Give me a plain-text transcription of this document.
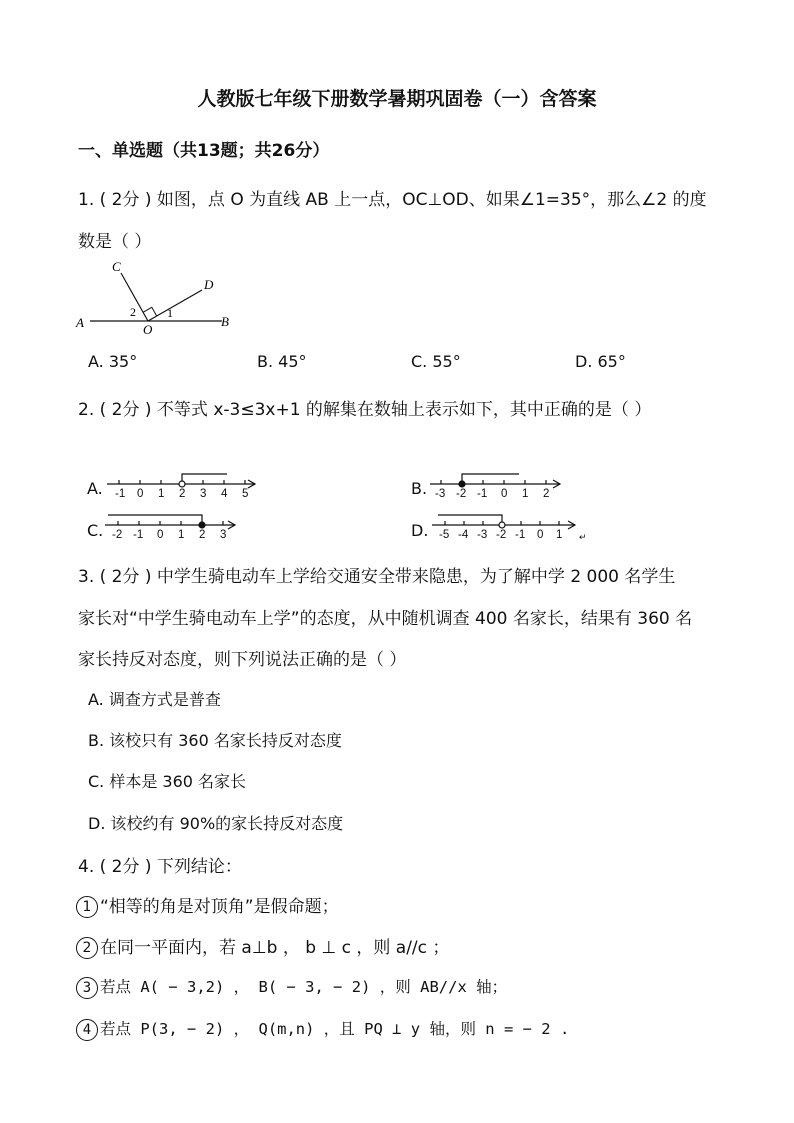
人教版七年级下册数学暑期巩固卷（一）含答案
一、单选题（共13题；共26分）
1. ( 2分 ) 如图，点 O 为直线 AB 上一点，OC⊥OD、如果∠1=35°，那么∠2 的度
数是（ ）
C
D
A	B
O
2	1
A. 35°	B. 45°	C. 55°	D. 65°
2. ( 2分 ) 不等式 x-3≤3x+1 的解集在数轴上表示如下，其中正确的是（ ）
A. -1 0 1 2 3 4 5	B. -3 -2 -1 0 1 2
C. -2 -1 0 1 2 3	D. -5 -4 -3 -2 -1 0 1 ↵
3. ( 2分 ) 中学生骑电动车上学给交通安全带来隐患，为了解中学 2 000 名学生
家长对“中学生骑电动车上学”的态度，从中随机调查 400 名家长，结果有 360 名
家长持反对态度，则下列说法正确的是（ ）
A. 调查方式是普查
B. 该校只有 360 名家长持反对态度
C. 样本是 360 名家长
D. 该校约有 90%的家长持反对态度
4. ( 2分 ) 下列结论：
1 “相等的角是对顶角”是假命题；
2 在同一平面内，若 a⊥b ， b ⊥ c ，则 a//c ；
3 若点 A( − 3,2) ， B( − 3, − 2) ，则 AB//x 轴；
4 若点 P(3, − 2) ， Q(m,n) ，且 PQ ⊥ y 轴，则 n = − 2 .
